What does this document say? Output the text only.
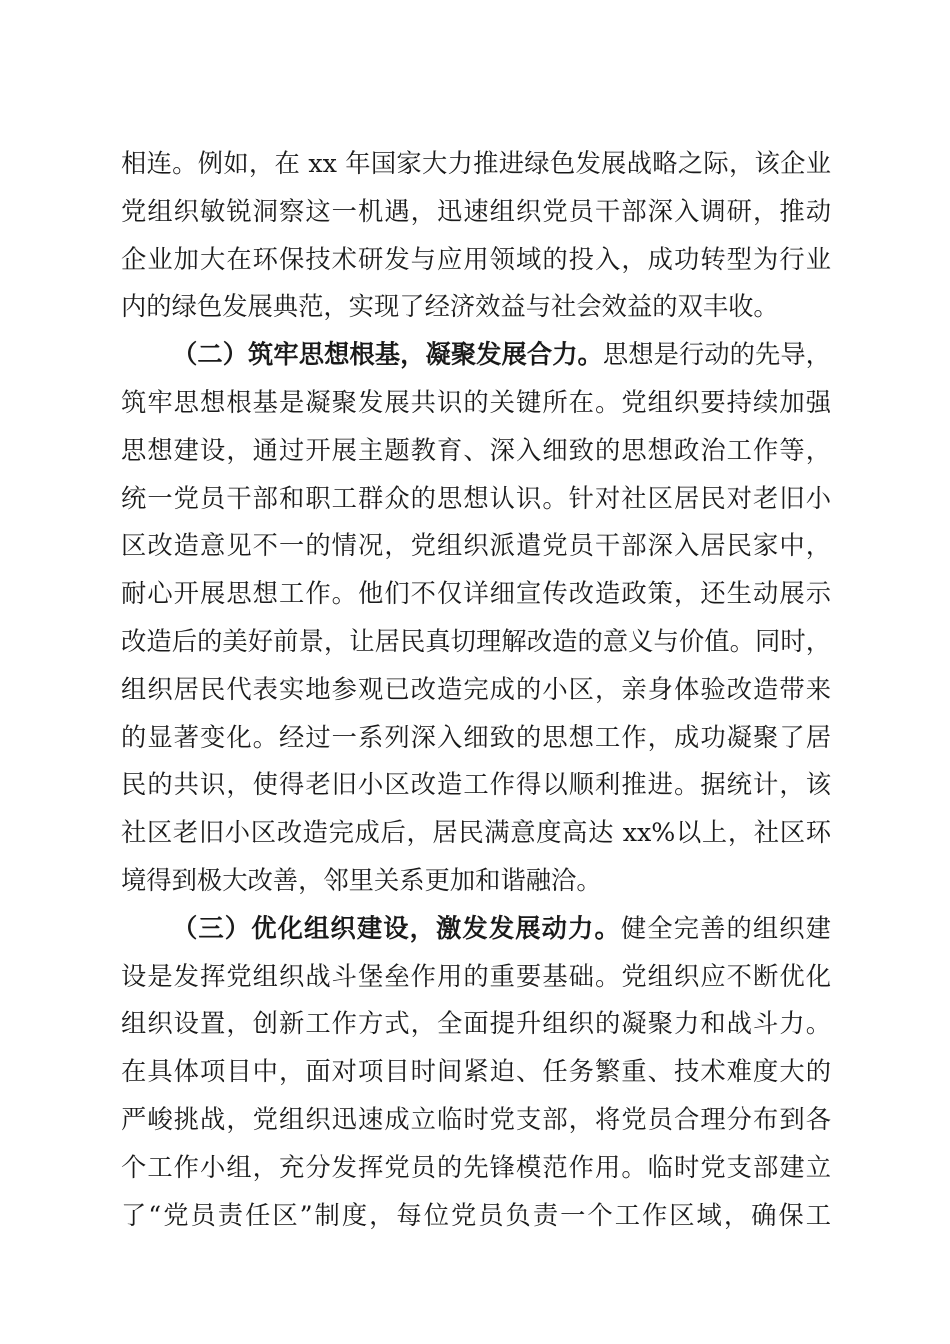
相连。例如，在 xx 年国家大力推进绿色发展战略之际，该企业
党组织敏锐洞察这一机遇，迅速组织党员干部深入调研，推动
企业加大在环保技术研发与应用领域的投入，成功转型为行业
内的绿色发展典范，实现了经济效益与社会效益的双丰收。
（二）筑牢思想根基，凝聚发展合力。思想是行动的先导，
筑牢思想根基是凝聚发展共识的关键所在。党组织要持续加强
思想建设，通过开展主题教育、深入细致的思想政治工作等，
统一党员干部和职工群众的思想认识。针对社区居民对老旧小
区改造意见不一的情况，党组织派遣党员干部深入居民家中，
耐心开展思想工作。他们不仅详细宣传改造政策，还生动展示
改造后的美好前景，让居民真切理解改造的意义与价值。同时，
组织居民代表实地参观已改造完成的小区，亲身体验改造带来
的显著变化。经过一系列深入细致的思想工作，成功凝聚了居
民的共识，使得老旧小区改造工作得以顺利推进。据统计，该
社区老旧小区改造完成后，居民满意度高达 xx%以上，社区环
境得到极大改善，邻里关系更加和谐融洽。
（三）优化组织建设，激发发展动力。健全完善的组织建
设是发挥党组织战斗堡垒作用的重要基础。党组织应不断优化
组织设置，创新工作方式，全面提升组织的凝聚力和战斗力。
在具体项目中，面对项目时间紧迫、任务繁重、技术难度大的
严峻挑战，党组织迅速成立临时党支部，将党员合理分布到各
个工作小组，充分发挥党员的先锋模范作用。临时党支部建立
了“党员责任区”制度，每位党员负责一个工作区域，确保工
